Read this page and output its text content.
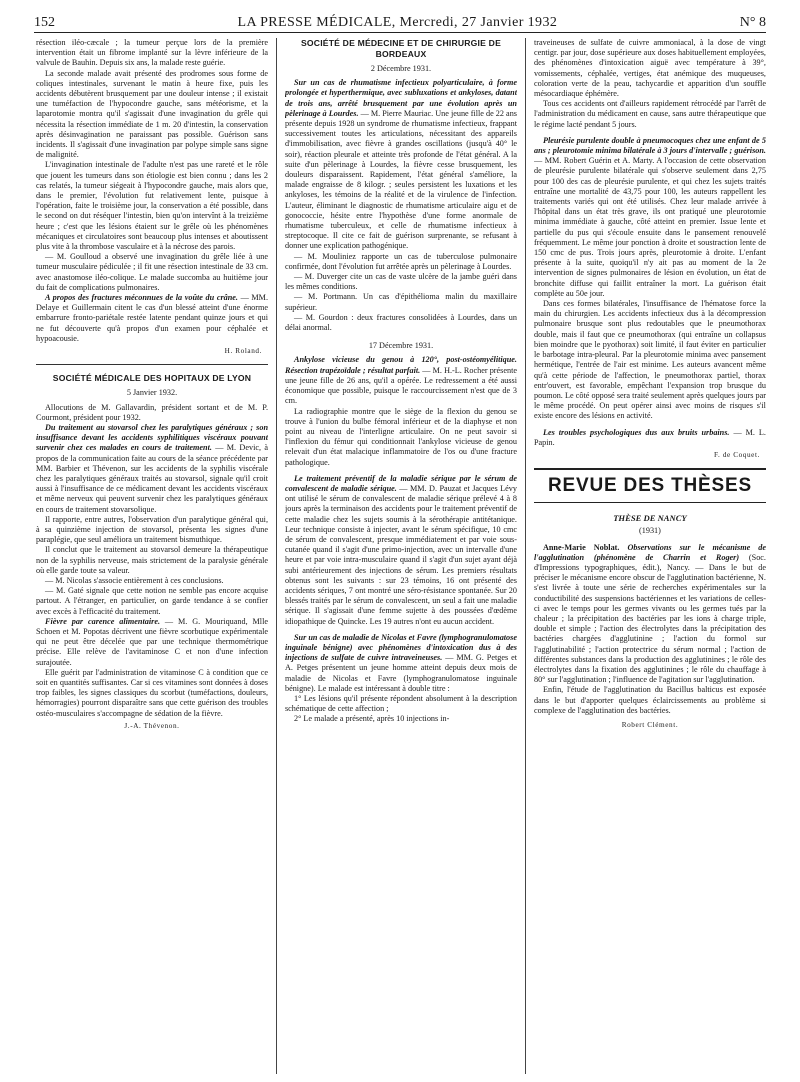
152	LA PRESSE MÉDICALE, Mercredi, 27 Janvier 1932	N° 8

résection iléo-cæcale ; la tumeur perçue lors de la première intervention était un fibrome implanté sur la lèvre inférieure de la valvule de Bauhin. Depuis six ans, la malade reste guérie.

La seconde malade avait présenté des prodromes sous forme de coliques intestinales, survenant le matin à heure fixe, puis les accidents débutèrent brusquement par une douleur intense ; il existait une tuméfaction de l'hypocondre gauche, sans météorisme, et la laparotomie montra qu'il s'agissait d'une invagination du grêle qui nécessita la résection immédiate de 1 m. 20 d'intestin, la conservation après désinvagination ne paraissant pas possible. Guérison sans incidents. Il s'agissait d'une invagination par polype simple sans signe de malignité.

L'invagination intestinale de l'adulte n'est pas une rareté et le rôle que jouent les tumeurs dans son étiologie est bien connu ; dans les 2 cas relatés, la tumeur siégeait à l'hypocondre gauche, mais alors que, dans le premier, l'évolution fut relativement lente, puisque à l'opération, faite le troisième jour, la conservation a été possible, dans le second on dut réséquer l'intestin, bien qu'on intervînt à la treizième heure ; c'est que les lésions étaient sur le grêle où les phénomènes mécaniques et circulatoires sont beaucoup plus intenses et aboutissent plus vite à la thrombose vasculaire et à la nécrose des parois.

— M. Goulloud a observé une invagination du grêle liée à une tumeur musculaire pédiculée ; il fit une résection intestinale de 33 cm. avec anastomose iléo-colique. Le malade succomba au huitième jour du fait de complications pulmonaires.

A propos des fractures méconnues de la voûte du crâne. — MM. Delaye et Guillermain citent le cas d'un blessé atteint d'une énorme embarrure fronto-pariétale restée latente pendant quinze jours et qui ne fut découverte qu'à propos d'un examen pour céphalée et hypoacousie.

H. Roland.
SOCIÉTÉ MÉDICALE DES HOPITAUX DE LYON
5 Janvier 1932.

Allocutions de M. Gallavardin, président sortant et de M. P. Courmont, président pour 1932.

Du traitement au stovarsol chez les paralytiques généraux ; son insuffisance devant les accidents syphilitiques viscéraux pouvant survenir chez ces malades en cours de traitement. — M. Devic, à propos de la communication faite au cours de la séance précédente par MM. Barbier et Thévenon, sur les accidents de la syphilis viscérale chez les paralytiques généraux traités au stovarsol, signale qu'il croit aussi à l'insuffisance de ce médicament devant les accidents viscéraux et même nerveux qui peuvent survenir chez les paralytiques généraux en cours de traitement stovarsolique.

Il rapporte, entre autres, l'observation d'un paralytique général qui, à sa quinzième injection de stovarsol, présenta les signes d'une paraplégie, que seul améliora un traitement bismuthique.

Il conclut que le traitement au stovarsol demeure la thérapeutique non de la syphilis nerveuse, mais strictement de la paralysie générale où elle garde toute sa valeur.

— M. Nicolas s'associe entièrement à ces conclusions.

— M. Gaté signale que cette notion ne semble pas encore acquise partout. A l'étranger, en particulier, on garde tendance à se confier avec excès à l'efficacité du traitement.

Fièvre par carence alimentaire. — M. G. Mouriquand, Mlle Schoen et M. Popotas décrivent une fièvre scorbutique expérimentale qui ne peut être décelée que par une technique thermométrique précise. Elle relève de l'avitaminose C et non d'une infection surajoutée.

Elle guérit par l'administration de vitaminose C à condition que ce soit en quantités suffisantes. Car si ces vitamines sont données à doses trop faibles, les signes classiques du scorbut (tuméfactions, douleurs, hémorragies) pourront disparaître sans que cette guérison des troubles ostéo-musculaires s'accompagne de sédation de la fièvre.

J.-A. Thévenon.
SOCIÉTÉ DE MÉDECINE ET DE CHIRURGIE DE BORDEAUX
2 Décembre 1931.

Sur un cas de rhumatisme infectieux polyarticulaire, à forme prolongée et hyperthermique, avec subluxations et ankyloses, datant de trois ans, arrêté brusquement par une évolution après un pèlerinage à Lourdes. — M. Pierre Mauriac. Une jeune fille de 22 ans présente depuis 1928 un syndrome de rhumatisme infectieux, frappant successivement toutes les articulations, nécessitant des appareils d'immobilisation, avec fièvre à grandes oscillations (jusqu'à 40° le soir), réaction pleurale et atteinte très profonde de l'état général. A la suite d'un pèlerinage à Lourdes, la fièvre cesse brusquement, les douleurs disparaissent. Rapidement, l'état général s'améliore, la malade engraisse de 8 kilogr. ; seules persistent les luxations et les ankyloses, les témoins de la réalité et de la virulence de l'infection. L'auteur, éliminant le diagnostic de rhumatisme articulaire aigu et de gonococcie, hésite entre l'hypothèse d'une forme anormale de rhumatisme tuberculeux, et celle de rhumatisme infectieux à streptocoque. Il cite ce fait de guérison surprenante, se refusant à donner une explication pathogénique.

— M. Mouliniez rapporte un cas de tuberculose pulmonaire confirmée, dont l'évolution fut arrêtée après un pèlerinage à Lourdes.

— M. Duverger cite un cas de vaste ulcère de la jambe guéri dans les mêmes conditions.

— M. Portmann. Un cas d'épithélioma malin du maxillaire supérieur.

— M. Gourdon : deux fractures consolidées à Lourdes, dans un délai anormal.

17 Décembre 1931.

Ankylose vicieuse du genou à 120°, post-ostéomyélitique. Résection trapézoïdale ; résultat parfait. — M. H.-L. Rocher présente une jeune fille de 26 ans, qu'il a opérée. Le redressement a été aussi économique que possible, puisque le raccourcissement n'est que de 3 cm.

La radiographie montre que le siège de la flexion du genou se trouve à l'union du bulbe fémoral inférieur et de la diaphyse et non point au niveau de l'interligne articulaire. On ne peut savoir si l'inflexion du fémur qui conditionnait l'ankylose vicieuse de genou relevait d'un état malacique inflammatoire de l'os ou d'une fracture pathologique.

Le traitement préventif de la maladie sérique par le sérum de convalescent de maladie sérique. — MM. D. Pauzat et Jacques Lévy ont utilisé le sérum de convalescent de maladie sérique prélevé 4 à 8 jours après la terminaison des accidents pour le traitement préventif de cette maladie chez les sujets soumis à la sérothérapie antitétanique. Leur technique consiste à injecter, avant le sérum spécifique, 10 cmc de sérum de convalescent, presque immédiatement et par voie sous-cutanée quand il s'agit d'une primo-injection, avec un intervalle d'une heure et par voie intra-musculaire quand il s'agit d'un sujet ayant déjà subi antérieurement des injections de sérum. Les premiers résultats obtenus sont les suivants : sur 23 témoins, 16 ont présenté des accidents sériques, 7 ont montré une séro-résistance spontanée. Sur 20 blessés traités par le sérum de convalescent, un seul a fait une maladie sérique. Il s'agissait d'une femme sujette à des poussées d'œdème idiopathique de Quincke. Les 19 autres n'ont eu aucun accident.

Sur un cas de maladie de Nicolas et Favre (lymphogranulomatose inguinale bénigne) avec phénomènes d'intoxication dus à des injections de sulfate de cuivre intraveineuses. — MM. G. Petges et A. Petges présentent un jeune homme atteint depuis deux mois de maladie de Nicolas et Favre (lymphogranulomatose inguinale bénigne). Le malade est intéressant à double titre :

1° Les lésions qu'il présente répondent absolument à la description schématique de cette affection ;

2° Le malade a présenté, après 10 injections in-

traveineuses de sulfate de cuivre ammoniacal, à la dose de vingt centigr. par jour, dose supérieure aux doses habituellement employées, des phénomènes d'intoxication aiguë avec température à 39°, vomissements, céphalée, vertiges, état anémique des muqueuses, coloration verte de la peau, tachycardie et apparition d'un souffle mésocardiaque éphémère.

Tous ces accidents ont d'ailleurs rapidement rétrocédé par l'arrêt de l'administration du médicament en cause, sans autre thérapeutique que le régime lacté pendant 5 jours.

Pleurésie purulente double à pneumocoques chez une enfant de 5 ans ; pleurotomie minima bilatérale à 3 jours d'intervalle ; guérison. — MM. Robert Guérin et A. Marty. A l'occasion de cette observation de pleurésie purulente bilatérale qui s'observe seulement dans 2,75 pour 100 des cas de pleurésie purulente, et qui chez les sujets traités entraîne une mortalité de 43,75 pour 100, les auteurs rappellent les traitements variés qui ont été utilisés. Chez leur malade arrivée à l'hôpital dans un état très grave, ils ont pratiqué une pleurotomie minima immédiate à gauche, côté atteint en premier. Issue lente et partielle du pus qui s'écoule ensuite dans le pansement renouvelé fréquemment. Le même jour ponction à droite et soustraction lente de 150 cmc de pus. Trois jours après, pleurotomie à droite. L'enfant présente à la suite, quoiqu'il n'y ait pas au moment de la 2e intervention de signes pulmonaires de lésion en évolution, un état de bronchite diffuse qui faillit entraîner la mort. La guérison était complète au 50e jour.

Dans ces formes bilatérales, l'insuffisance de l'hématose force la main du chirurgien. Les accidents infectieux dus à la décompression pulmonaire brusque sont plus redoutables que le pneumothorax double, mais il faut que ce pneumothorax (qui entraîne un collapsus bien moindre que le pyothorax) soit limité, il faut éviter en particulier le barbotage intra-pleural. Par la pleurotomie minima avec pansement hermétique, l'entrée de l'air est minime. Les auteurs avancent même qu'à cette période de l'affection, le pneumothorax partiel, thorax entr'ouvert, est favorable, empêchant l'expansion trop brusque du poumon. Le côté opposé sera traité seulement après quelques jours par le même procédé. On peut opérer ainsi avec moins de risques s'il existe encore des lésions en activité.

Les troubles psychologiques dus aux bruits urbains. — M. L. Papin.

F. de Coquet.
REVUE DES THÈSES
THÈSE DE NANCY
(1931)

Anne-Marie Noblat. Observations sur le mécanisme de l'agglutination (phénomène de Charrin et Roger) (Soc. d'Impressions typographiques, édit.), Nancy. — Dans le but de préciser le mécanisme encore obscur de l'agglutination bactérienne, N. s'est livrée à toute une série de recherches expérimentales sur la conductibilité des suspensions bactériennes et les variations de celles-ci avec le temps pour les germes vivants ou les germes tués par la chaleur ; la précipitation des bactéries par les ions à charge triple, double et simple ; l'action des électrolytes dans la précipitation des bactéries chargées d'agglutinine ; l'action du formol sur l'agglutinabilité ; l'action protectrice du sérum normal ; l'action de différentes substances dans la production des agglutinines ; le rôle des électrolytes dans la fixation des agglutinines ; le rôle du chauffage à 80° sur l'agglutination ; l'influence de l'agitation sur l'agglutination.

Enfin, l'étude de l'agglutination du Bacillus balticus est exposée dans le but d'apporter quelques éclaircissements au problème si complexe de l'agglutination des bactéries.

Robert Clément.
